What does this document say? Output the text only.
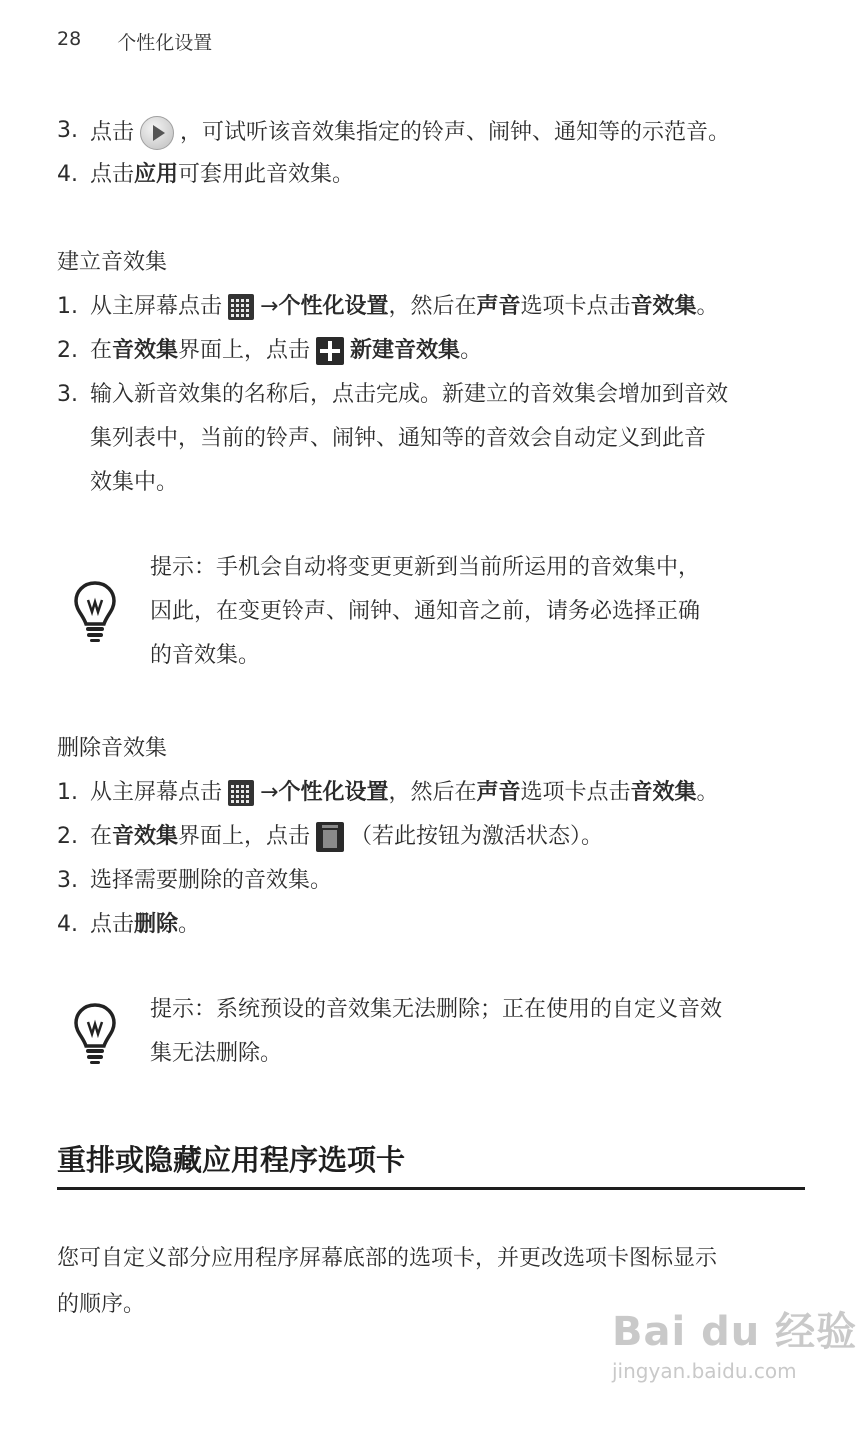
28 个性化设置
3. 点击 ，可试听该音效集指定的铃声、闹钟、通知等的示范音。
4. 点击 应用 可套用此音效集。
建立音效集
1. 从主屏幕点击 → 个性化设置 ，然后在 声音 选项卡点击 音效集 。
2. 在 音效集 界面上，点击 新建音效集 。
3. 输入新音效集的名称后，点击完成。新建立的音效集会增加到音效
集列表中，当前的铃声、闹钟、通知等的音效会自动定义到此音
效集中。
提示：手机会自动将变更更新到当前所运用的音效集中，
因此，在变更铃声、闹钟、通知音之前，请务必选择正确
的音效集。
删除音效集
1. 从主屏幕点击 → 个性化设置 ，然后在 声音 选项卡点击 音效集 。
2. 在 音效集 界面上，点击 （若此按钮为激活状态）。
3. 选择需要删除的音效集。
4. 点击 删除 。
提示：系统预设的音效集无法删除；正在使用的自定义音效
集无法删除。
重排或隐藏应用程序选项卡
您可自定义部分应用程序屏幕底部的选项卡，并更改选项卡图标显示
的顺序。
Bai du 经验
jingyan.baidu.com
